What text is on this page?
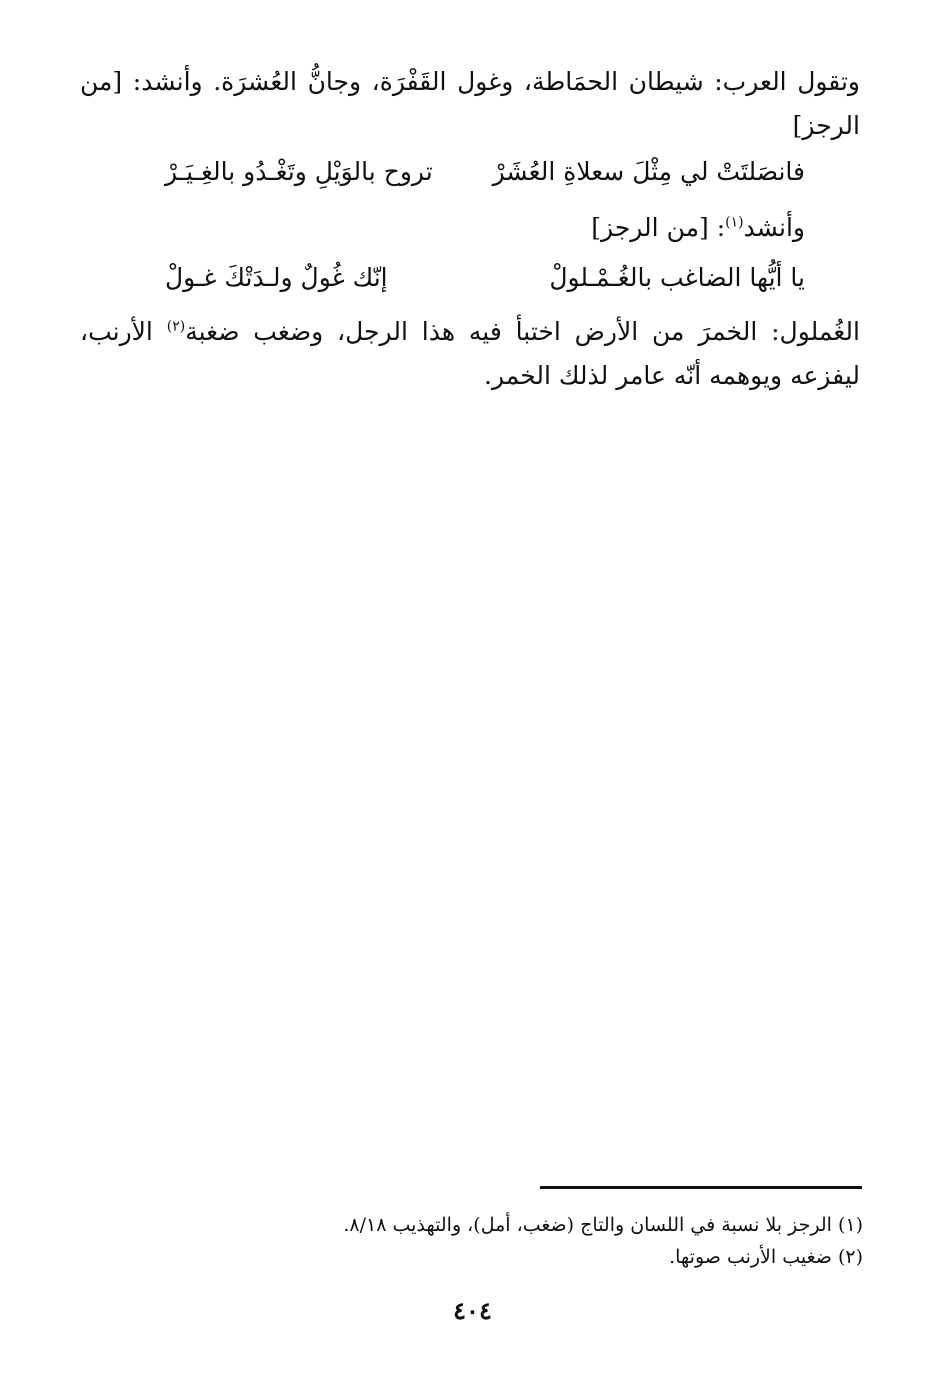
وتقول العرب: شيطان الحمَاطة، وغول القَفْرَة، وجانُّ العُشرَة. وأنشد: [من الرجز]

فانصَلتَتْ لي مِثْلَ سعلاةِ العُشَرْ
تروح بالوَيْلِ وتَغْـدُو بالغِـيَـرْ
وأنشد$^{(١)}$: [من الرجز]
يا أيُّها الضاغب بالغُـمْـلولْ
إنّك غُولٌ ولـدَتْكَ غـولْ

الغُملول: الخمرَ من الأرض اختبأ فيه هذا الرجل، وضغب ضغبة$^{(٢)}$ الأرنب، ليفزعه ويوهمه أنّه عامر لذلك الخمر.

(١) الرجز بلا نسبة في اللسان والتاج (ضغب، أمل)، والتهذيب ٨/١٨.
(٢) ضغيب الأرنب صوتها.
٤٠٤
